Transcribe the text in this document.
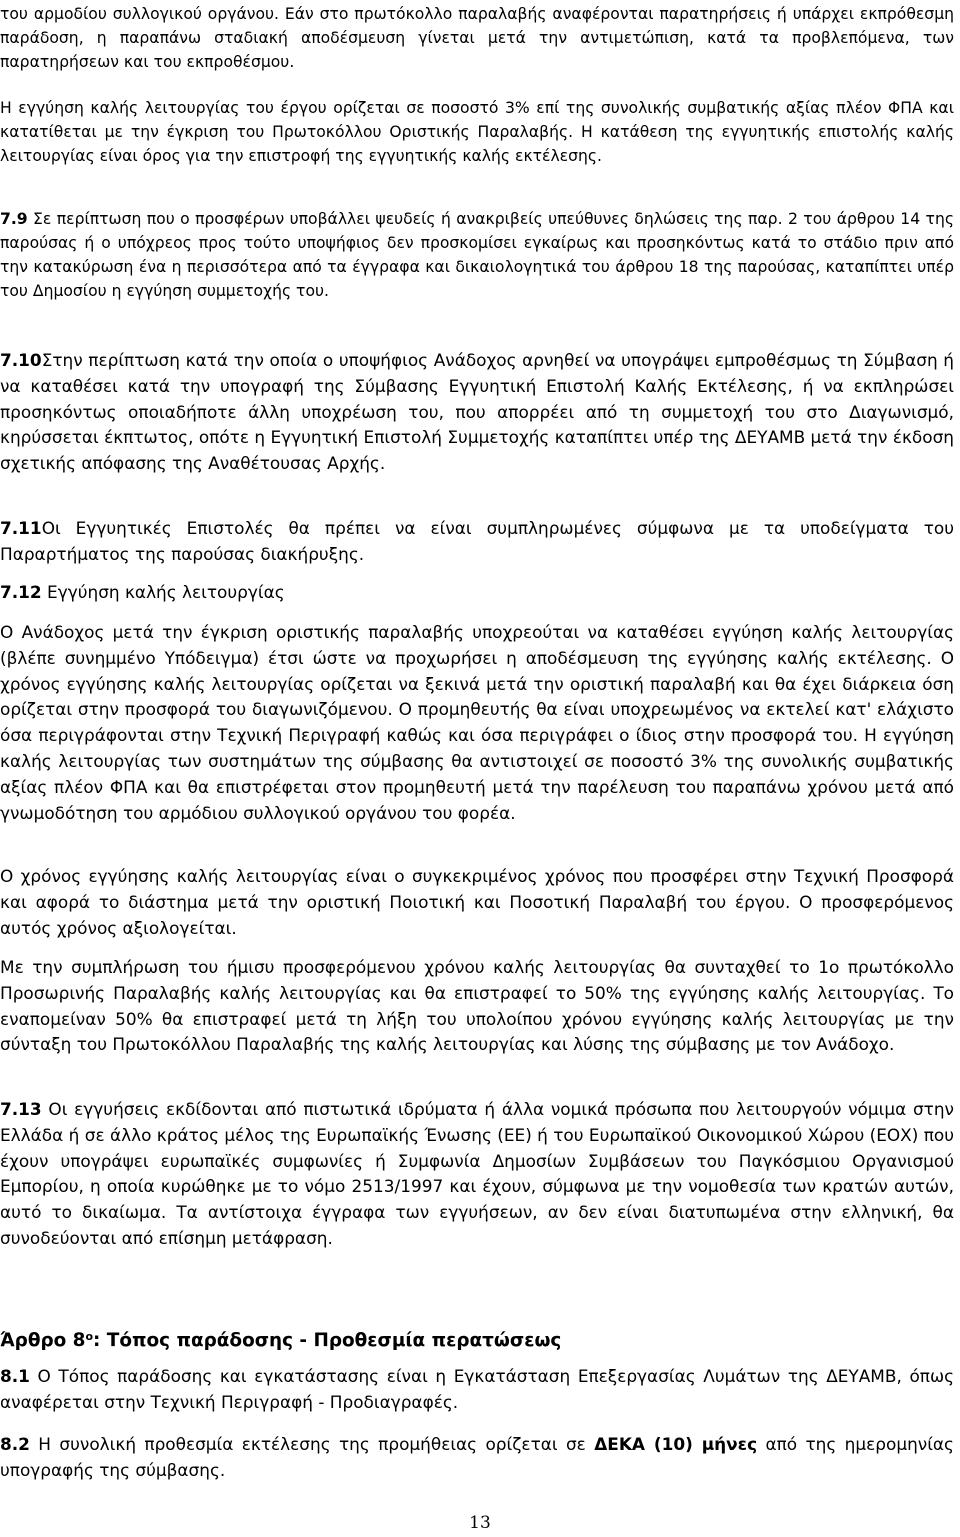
του αρμοδίου συλλογικού οργάνου. Εάν στο πρωτόκολλο παραλαβής αναφέρονται παρατηρήσεις ή υπάρχει εκπρόθεσμη παράδοση, η παραπάνω σταδιακή αποδέσμευση γίνεται μετά την αντιμετώπιση, κατά τα προβλεπόμενα, των παρατηρήσεων και του εκπροθέσμου.

Η εγγύηση καλής λειτουργίας του έργου ορίζεται σε ποσοστό 3% επί της συνολικής συμβατικής αξίας πλέον ΦΠΑ και κατατίθεται με την έγκριση του Πρωτοκόλλου Οριστικής Παραλαβής. Η κατάθεση της εγγυητικής επιστολής καλής λειτουργίας είναι όρος για την επιστροφή της εγγυητικής καλής εκτέλεσης.

7.9 Σε περίπτωση που ο προσφέρων υποβάλλει ψευδείς ή ανακριβείς υπεύθυνες δηλώσεις της παρ. 2 του άρθρου 14 της παρούσας ή ο υπόχρεος προς τούτο υποψήφιος δεν προσκομίσει εγκαίρως και προσηκόντως κατά το στάδιο πριν από την κατακύρωση ένα η περισσότερα από τα έγγραφα και δικαιολογητικά του άρθρου 18 της παρούσας, καταπίπτει υπέρ του Δημοσίου η εγγύηση συμμετοχής του.

7.10Στην περίπτωση κατά την οποία ο υποψήφιος Ανάδοχος αρνηθεί να υπογράψει εμπροθέσμως τη Σύμβαση ή να καταθέσει κατά την υπογραφή της Σύμβασης Εγγυητική Επιστολή Καλής Εκτέλεσης, ή να εκπληρώσει προσηκόντως οποιαδήποτε άλλη υποχρέωση του, που απορρέει από τη συμμετοχή του στο Διαγωνισμό, κηρύσσεται έκπτωτος, οπότε η Εγγυητική Επιστολή Συμμετοχής καταπίπτει υπέρ της ΔΕΥΑΜΒ μετά την έκδοση σχετικής απόφασης της Αναθέτουσας Αρχής.

7.11Οι Εγγυητικές Επιστολές θα πρέπει να είναι συμπληρωμένες σύμφωνα με τα υποδείγματα του Παραρτήματος της παρούσας διακήρυξης.

7.12 Εγγύηση καλής λειτουργίας

Ο Ανάδοχος μετά την έγκριση οριστικής παραλαβής υποχρεούται να καταθέσει εγγύηση καλής λειτουργίας (βλέπε συνημμένο Υπόδειγμα) έτσι ώστε να προχωρήσει η αποδέσμευση της εγγύησης καλής εκτέλεσης. Ο χρόνος εγγύησης καλής λειτουργίας ορίζεται να ξεκινά μετά την οριστική παραλαβή και θα έχει διάρκεια όση ορίζεται στην προσφορά του διαγωνιζόμενου. Ο προμηθευτής θα είναι υποχρεωμένος να εκτελεί κατ' ελάχιστο όσα περιγράφονται στην Τεχνική Περιγραφή καθώς και όσα περιγράφει ο ίδιος στην προσφορά του. Η εγγύηση καλής λειτουργίας των συστημάτων της σύμβασης θα αντιστοιχεί σε ποσοστό 3% της συνολικής συμβατικής αξίας πλέον ΦΠΑ και θα επιστρέφεται στον προμηθευτή μετά την παρέλευση του παραπάνω χρόνου μετά από γνωμοδότηση του αρμόδιου συλλογικού οργάνου του φορέα.

Ο χρόνος εγγύησης καλής λειτουργίας είναι ο συγκεκριμένος χρόνος που προσφέρει στην Τεχνική Προσφορά και αφορά το διάστημα μετά την οριστική Ποιοτική και Ποσοτική Παραλαβή του έργου. Ο προσφερόμενος αυτός χρόνος αξιολογείται.

Με την συμπλήρωση του ήμισυ προσφερόμενου χρόνου καλής λειτουργίας θα συνταχθεί το 1ο πρωτόκολλο Προσωρινής Παραλαβής καλής λειτουργίας και θα επιστραφεί το 50% της εγγύησης καλής λειτουργίας. Το εναπομείναν 50% θα επιστραφεί μετά τη λήξη του υπολοίπου χρόνου εγγύησης καλής λειτουργίας με την σύνταξη του Πρωτοκόλλου Παραλαβής της καλής λειτουργίας και λύσης της σύμβασης με τον Ανάδοχο.

7.13 Οι εγγυήσεις εκδίδονται από πιστωτικά ιδρύματα ή άλλα νομικά πρόσωπα που λειτουργούν νόμιμα στην Ελλάδα ή σε άλλο κράτος μέλος της Ευρωπαϊκής Ένωσης (ΕΕ) ή του Ευρωπαϊκού Οικονομικού Χώρου (ΕΟΧ) που έχουν υπογράψει ευρωπαϊκές συμφωνίες ή Συμφωνία Δημοσίων Συμβάσεων του Παγκόσμιου Οργανισμού Εμπορίου, η οποία κυρώθηκε με το νόμο 2513/1997 και έχουν, σύμφωνα με την νομοθεσία των κρατών αυτών, αυτό το δικαίωμα. Τα αντίστοιχα έγγραφα των εγγυήσεων, αν δεν είναι διατυπωμένα στην ελληνική, θα συνοδεύονται από επίσημη μετάφραση.

Άρθρο $8^o$: Τόπος παράδοσης - Προθεσμία περατώσεως

8.1 Ο Τόπος παράδοσης και εγκατάστασης είναι η Εγκατάσταση Επεξεργασίας Λυμάτων της ΔΕΥΑΜΒ, όπως αναφέρεται στην Τεχνική Περιγραφή - Προδιαγραφές.

8.2 Η συνολική προθεσμία εκτέλεσης της προμήθειας ορίζεται σε ΔΕΚΑ (10) μήνες από της ημερομηνίας υπογραφής της σύμβασης.

13
